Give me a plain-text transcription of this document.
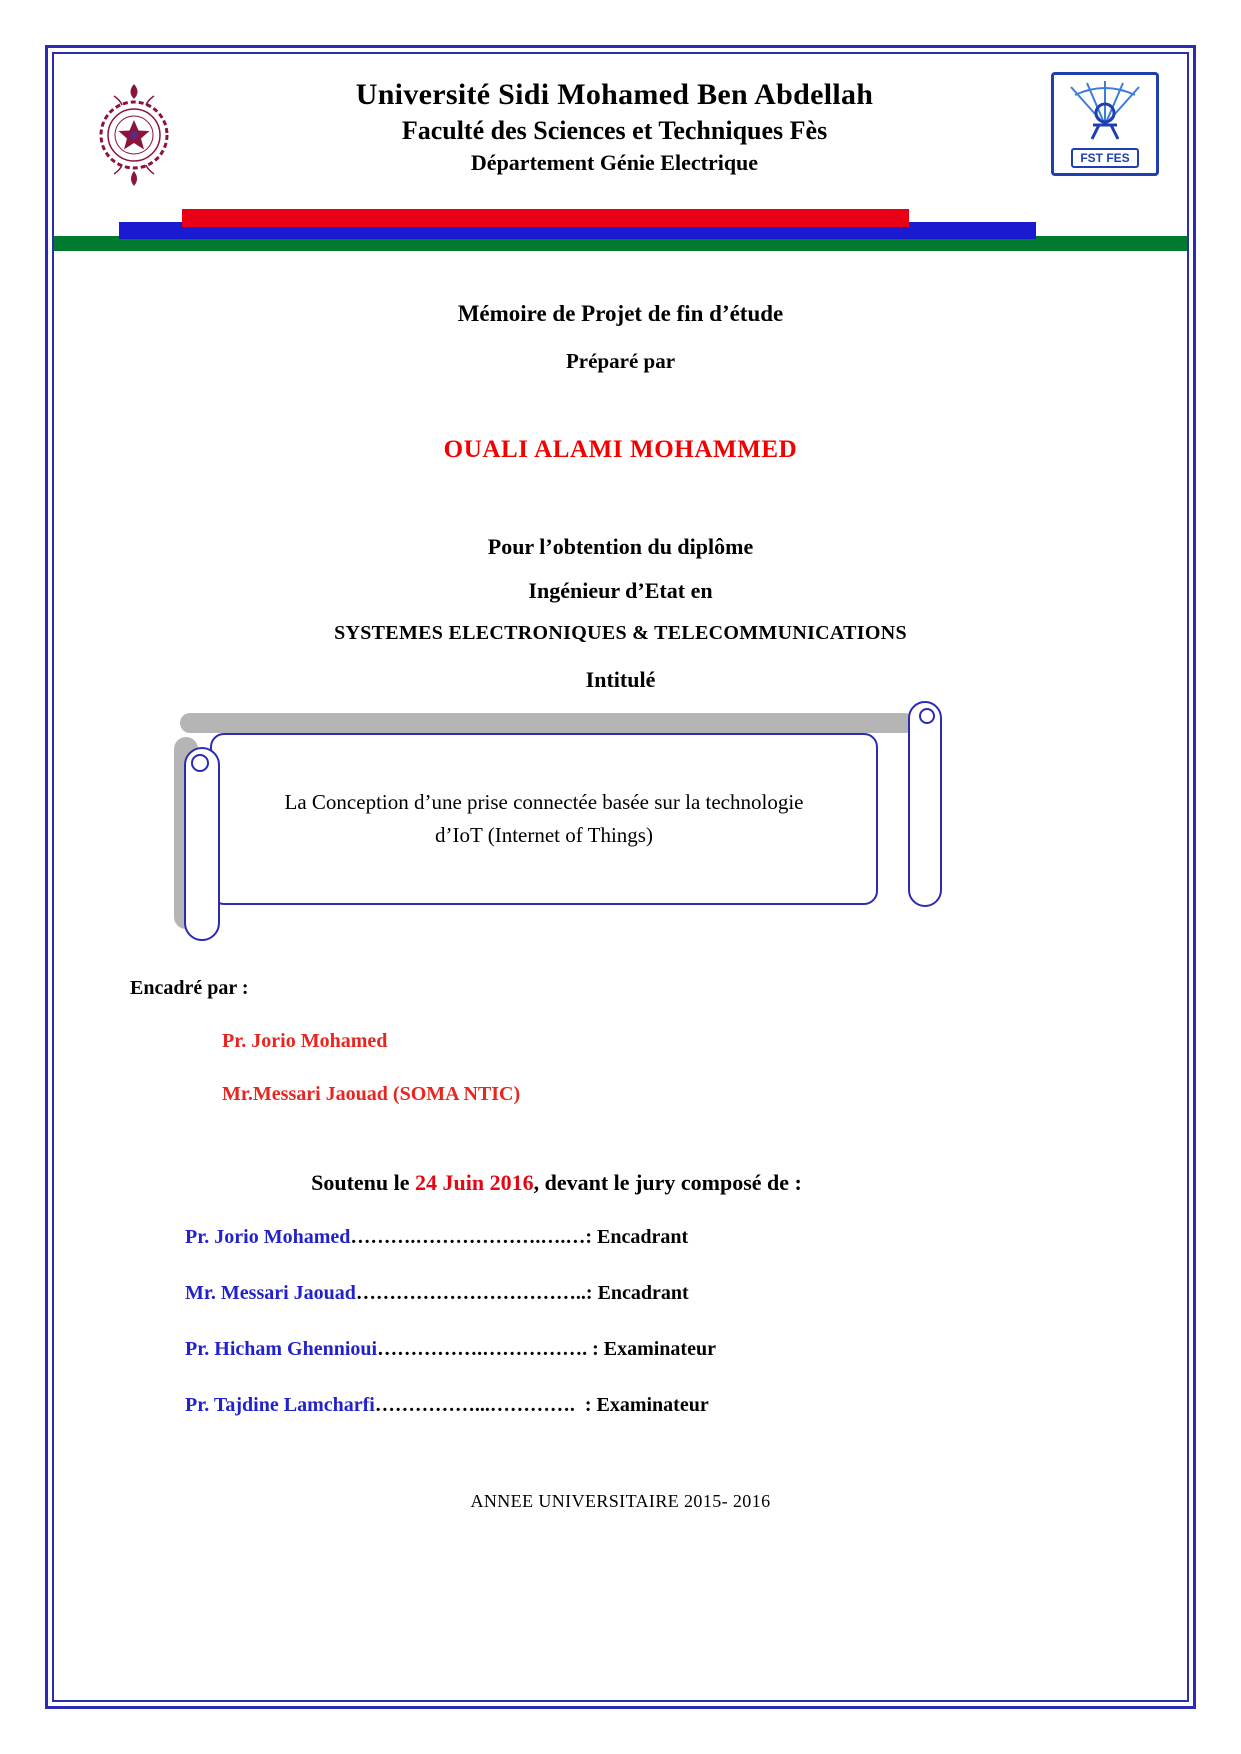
Université Sidi Mohamed Ben Abdellah
Faculté des Sciences et Techniques Fès
Département Génie Electrique	FST FES
Mémoire de Projet de fin d’étude
Préparé par
OUALI ALAMI MOHAMMED
Pour l’obtention du diplôme
Ingénieur d’Etat en
SYSTEMES ELECTRONIQUES & TELECOMMUNICATIONS
Intitulé
La Conception d’une prise connectée basée sur la technologie
d’IoT (Internet of Things)
Encadré par :
Pr. Jorio Mohamed
Mr.Messari Jaouad (SOMA NTIC)
Soutenu le 24 Juin 2016, devant le jury composé de :
Pr. Jorio Mohamed……….……………….….…: Encadrant
Mr. Messari Jaouad……………………………..: Encadrant
Pr. Hicham Ghennioui…………….……………. : Examinateur
Pr. Tajdine Lamcharfi……………...………….  : Examinateur
ANNEE UNIVERSITAIRE 2015- 2016
